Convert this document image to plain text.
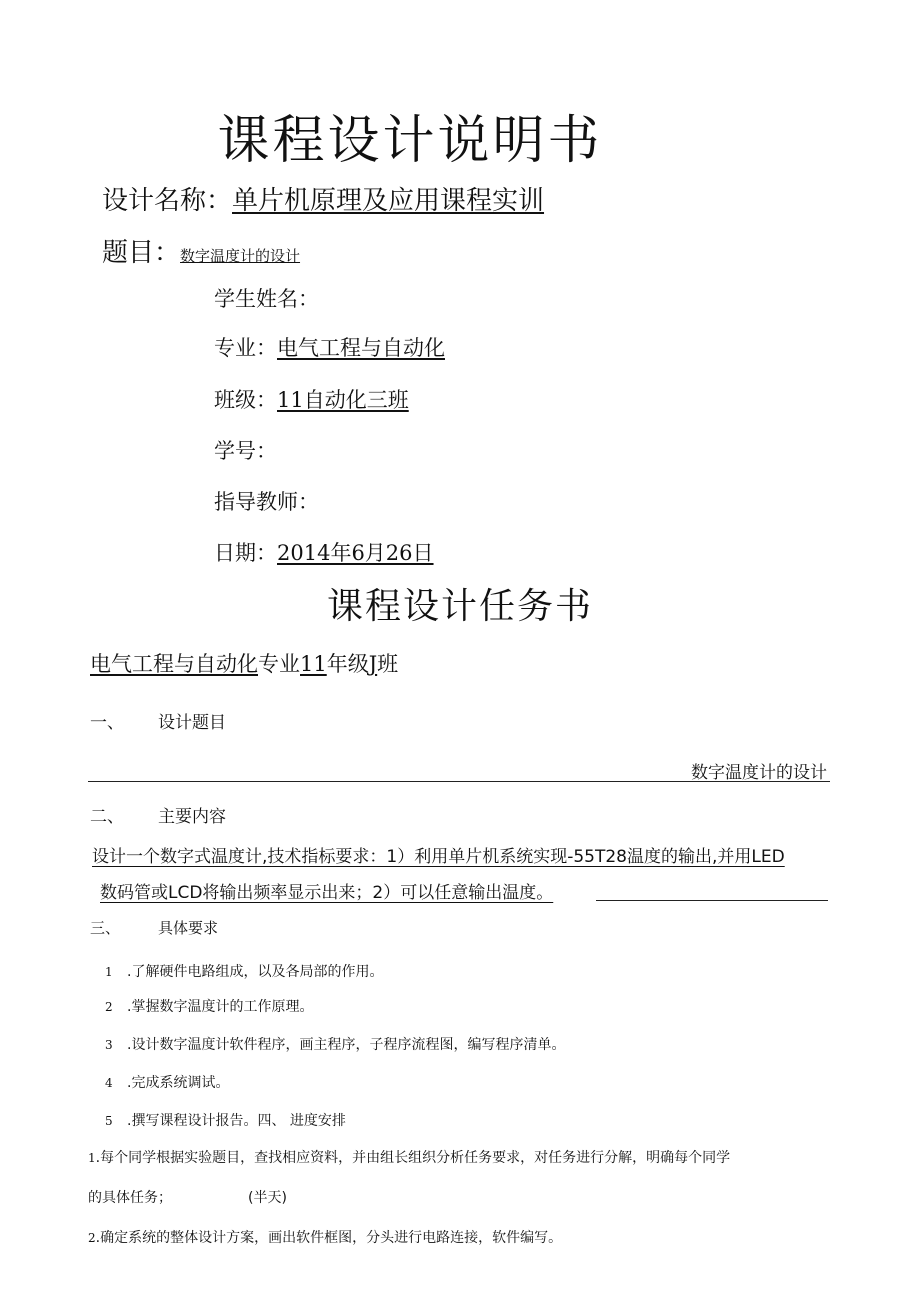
课程设计说明书
设计名称：单片机原理及应用课程实训
题目：数字温度计的设计
学生姓名：
专业：电气工程与自动化
班级：11自动化三班
学号：
指导教师：
日期：2014年6月26日
课程设计任务书
电气工程与自动化专业11年级J班
一、 设计题目
数字温度计的设计
二、 主要内容
设计一个数字式温度计,技术指标要求：1）利用单片机系统实现-55T28温度的输出,并用LED
数码管或LCD将输出频率显示出来；2）可以任意输出温度。
三、	具体要求
1 .了解硬件电路组成，以及各局部的作用。
2 .掌握数字温度计的工作原理。
3 .设计数字温度计软件程序，画主程序，子程序流程图，编写程序清单。
4 .完成系统调试。
5 .撰写课程设计报告。四、 进度安排
1.每个同学根据实验题目，查找相应资料，并由组长组织分析任务要求，对任务进行分解，明确每个同学
的具体任务；	(半天)
2.确定系统的整体设计方案，画出软件框图，分头进行电路连接，软件编写。
